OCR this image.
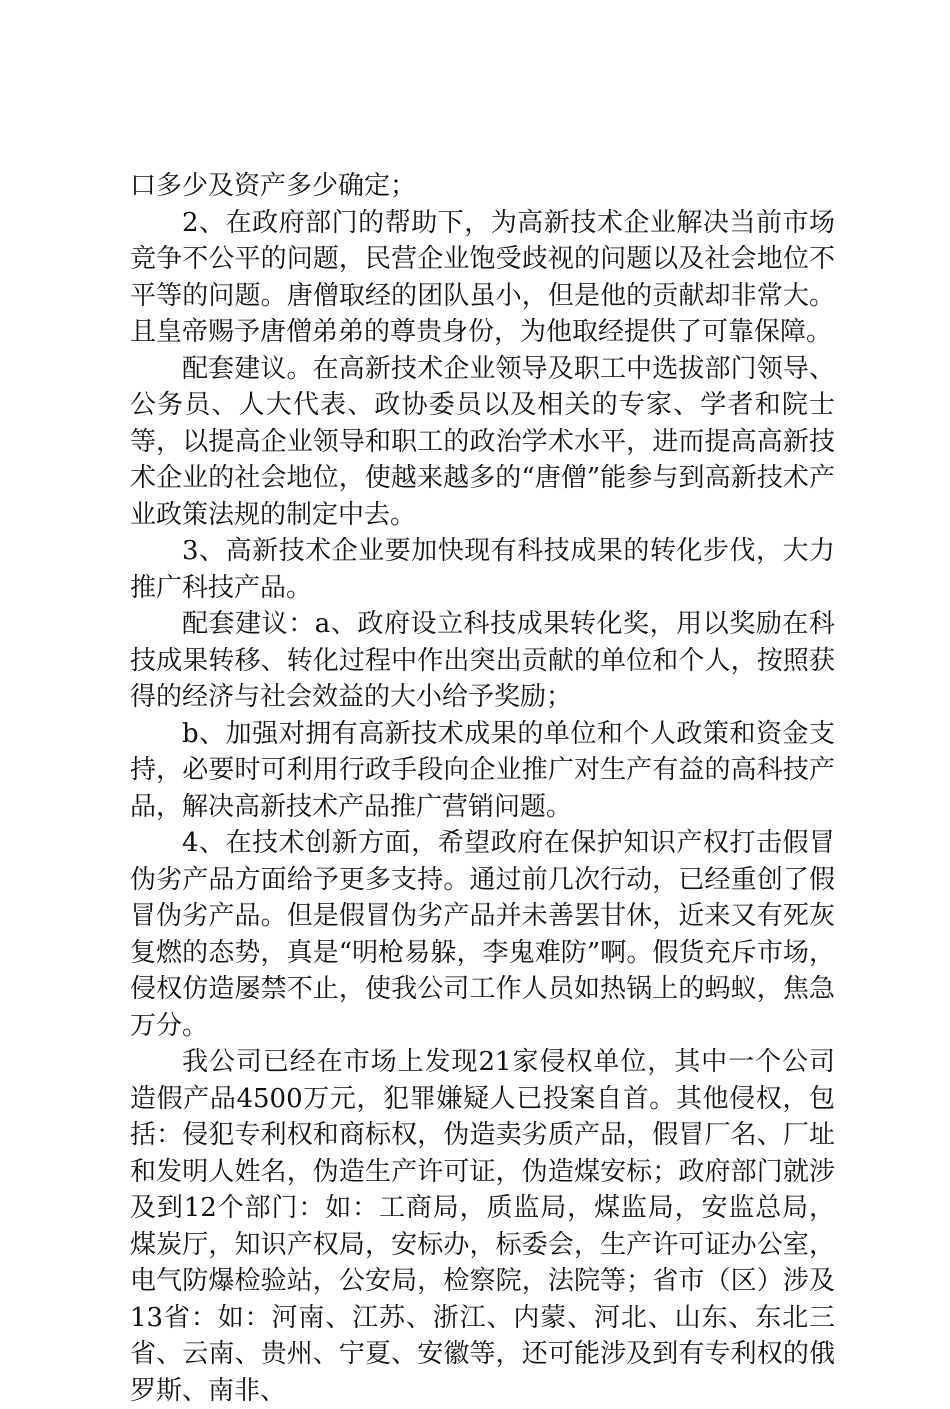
口多少及资产多少确定；

2、在政府部门的帮助下，为高新技术企业解决当前市场竞争不公平的问题，民营企业饱受歧视的问题以及社会地位不平等的问题。唐僧取经的团队虽小，但是他的贡献却非常大。且皇帝赐予唐僧弟弟的尊贵身份，为他取经提供了可靠保障。

配套建议。在高新技术企业领导及职工中选拔部门领导、公务员、人大代表、政协委员以及相关的专家、学者和院士等，以提高企业领导和职工的政治学术水平，进而提高高新技术企业的社会地位，使越来越多的“唐僧”能参与到高新技术产业政策法规的制定中去。

3、高新技术企业要加快现有科技成果的转化步伐，大力推广科技产品。

配套建议：a、政府设立科技成果转化奖，用以奖励在科技成果转移、转化过程中作出突出贡献的单位和个人，按照获得的经济与社会效益的大小给予奖励；

b、加强对拥有高新技术成果的单位和个人政策和资金支持，必要时可利用行政手段向企业推广对生产有益的高科技产品，解决高新技术产品推广营销问题。

4、在技术创新方面，希望政府在保护知识产权打击假冒伪劣产品方面给予更多支持。通过前几次行动，已经重创了假冒伪劣产品。但是假冒伪劣产品并未善罢甘休，近来又有死灰复燃的态势，真是“明枪易躲，李鬼难防”啊。假货充斥市场，侵权仿造屡禁不止，使我公司工作人员如热锅上的蚂蚁，焦急万分。

我公司已经在市场上发现21家侵权单位，其中一个公司造假产品4500万元，犯罪嫌疑人已投案自首。其他侵权，包括：侵犯专利权和商标权，伪造卖劣质产品，假冒厂名、厂址和发明人姓名，伪造生产许可证，伪造煤安标；政府部门就涉及到12个部门：如：工商局，质监局，煤监局，安监总局，煤炭厅，知识产权局，安标办，标委会，生产许可证办公室，电气防爆检验站，公安局，检察院，法院等；省市（区）涉及13省：如：河南、江苏、浙江、内蒙、河北、山东、东北三省、云南、贵州、宁夏、安徽等，还可能涉及到有专利权的俄罗斯、南非、
